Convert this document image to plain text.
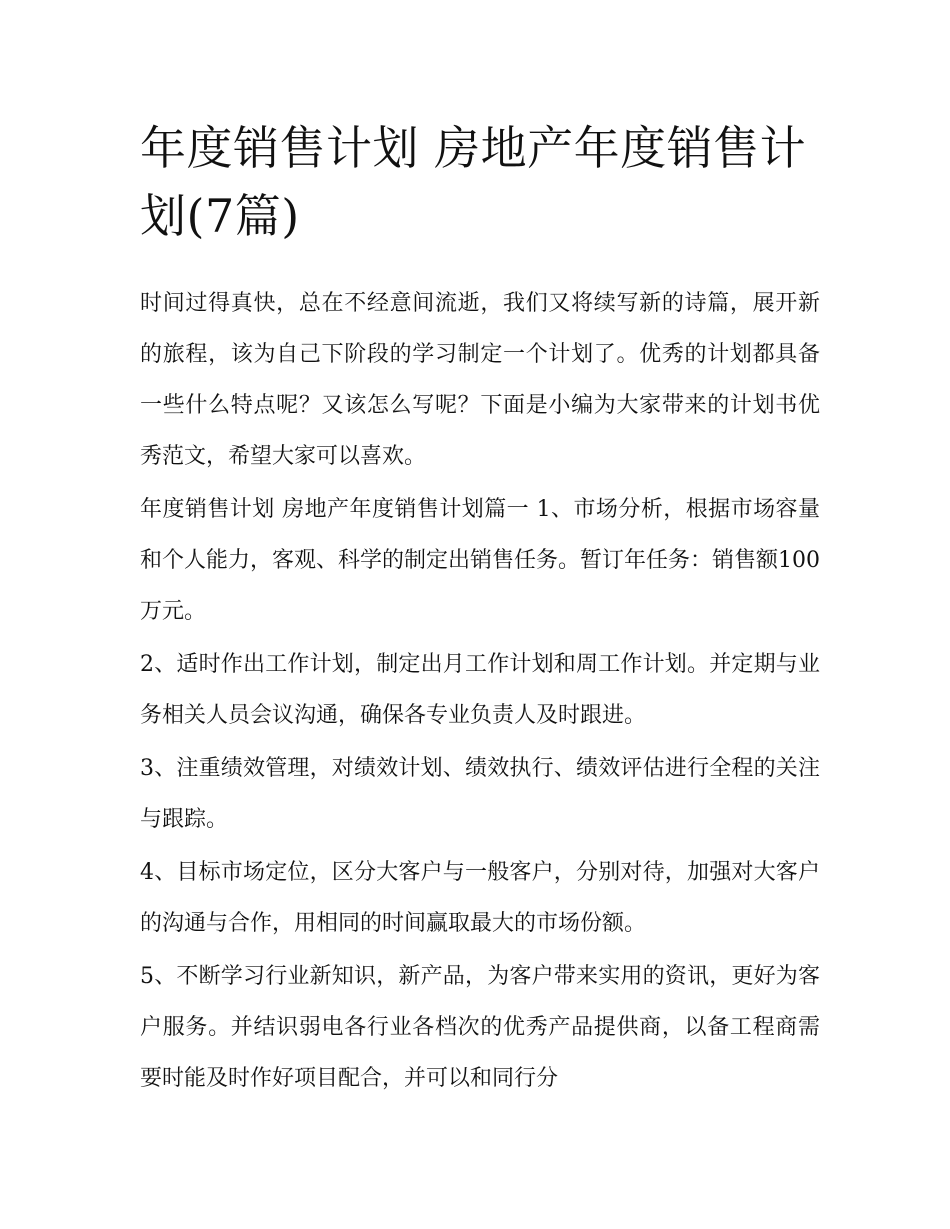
年度销售计划 房地产年度销售计划(7篇)

时间过得真快，总在不经意间流逝，我们又将续写新的诗篇，展开新的旅程，该为自己下阶段的学习制定一个计划了。优秀的计划都具备一些什么特点呢？又该怎么写呢？下面是小编为大家带来的计划书优秀范文，希望大家可以喜欢。

年度销售计划 房地产年度销售计划篇一 1、市场分析，根据市场容量和个人能力，客观、科学的制定出销售任务。暂订年任务：销售额100万元。

2、适时作出工作计划，制定出月工作计划和周工作计划。并定期与业务相关人员会议沟通，确保各专业负责人及时跟进。

3、注重绩效管理，对绩效计划、绩效执行、绩效评估进行全程的关注与跟踪。

4、目标市场定位，区分大客户与一般客户，分别对待，加强对大客户的沟通与合作，用相同的时间赢取最大的市场份额。

5、不断学习行业新知识，新产品，为客户带来实用的资讯，更好为客户服务。并结识弱电各行业各档次的优秀产品提供商，以备工程商需要时能及时作好项目配合，并可以和同行分
